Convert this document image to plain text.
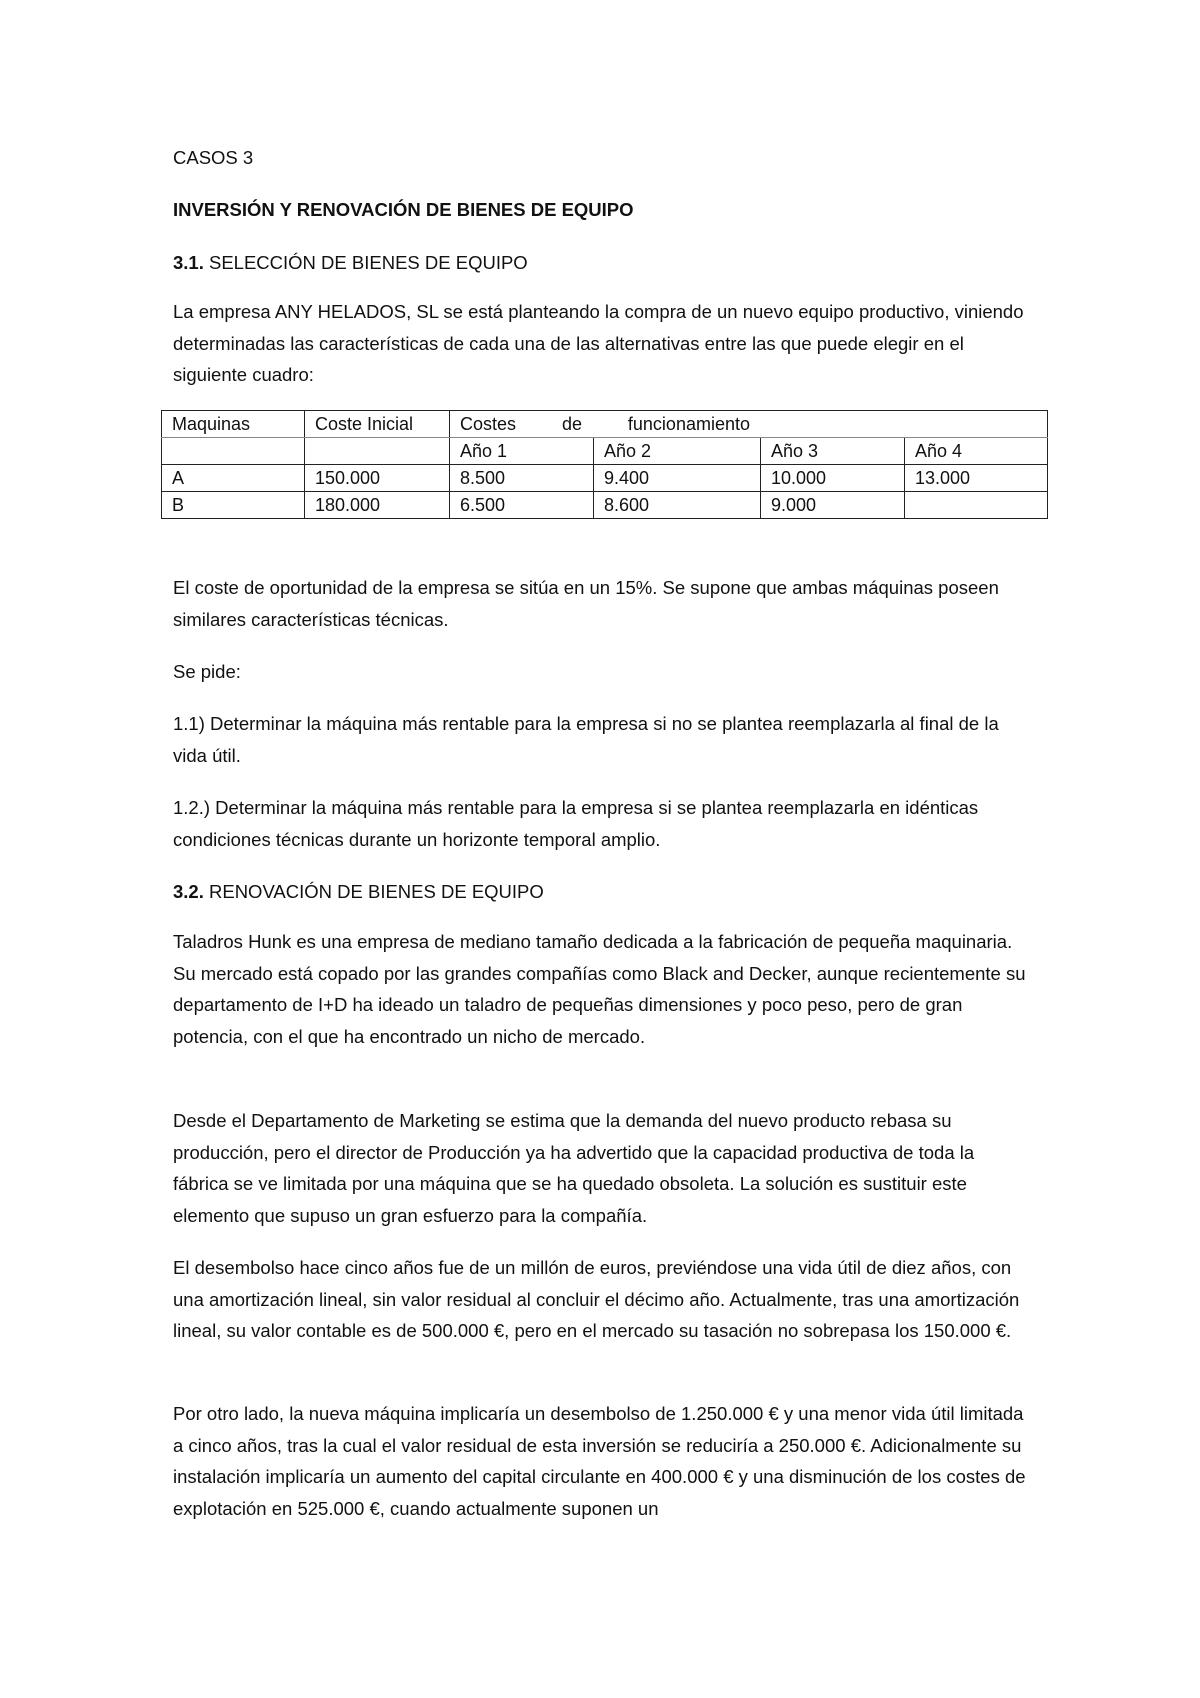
CASOS 3

INVERSIÓN Y RENOVACIÓN DE BIENES DE EQUIPO

3.1. SELECCIÓN DE BIENES DE EQUIPO

La empresa ANY HELADOS, SL se está planteando la compra de un nuevo equipo productivo, viniendo determinadas las características de cada una de las alternativas entre las que puede elegir en el siguiente cuadro:

Maquinas	Coste Inicial	Costes de funcionamiento			

		Año 1	Año 2	Año 3	Año 4
A	150.000	8.500	9.400	10.000	13.000
B	180.000	6.500	8.600	9.000	

El coste de oportunidad de la empresa se sitúa en un 15%. Se supone que ambas máquinas poseen similares características técnicas.

Se pide:

1.1) Determinar la máquina más rentable para la empresa si no se plantea reemplazarla al final de la vida útil.

1.2.) Determinar la máquina más rentable para la empresa si se plantea reemplazarla en idénticas condiciones técnicas durante un horizonte temporal amplio.

3.2. RENOVACIÓN DE BIENES DE EQUIPO

Taladros Hunk es una empresa de mediano tamaño dedicada a la fabricación de pequeña maquinaria. Su mercado está copado por las grandes compañías como Black and Decker, aunque recientemente su departamento de I+D ha ideado un taladro de pequeñas dimensiones y poco peso, pero de gran potencia, con el que ha encontrado un nicho de mercado.

Desde el Departamento de Marketing se estima que la demanda del nuevo producto rebasa su producción, pero el director de Producción ya ha advertido que la capacidad productiva de toda la fábrica se ve limitada por una máquina que se ha quedado obsoleta. La solución es sustituir este elemento que supuso un gran esfuerzo para la compañía.

El desembolso hace cinco años fue de un millón de euros, previéndose una vida útil de diez años, con una amortización lineal, sin valor residual al concluir el décimo año. Actualmente, tras una amortización lineal, su valor contable es de 500.000 €, pero en el mercado su tasación no sobrepasa los 150.000 €.

Por otro lado, la nueva máquina implicaría un desembolso de 1.250.000 € y una menor vida útil limitada a cinco años, tras la cual el valor residual de esta inversión se reduciría a 250.000 €. Adicionalmente su instalación implicaría un aumento del capital circulante en 400.000 € y una disminución de los costes de explotación en 525.000 €, cuando actualmente suponen un
